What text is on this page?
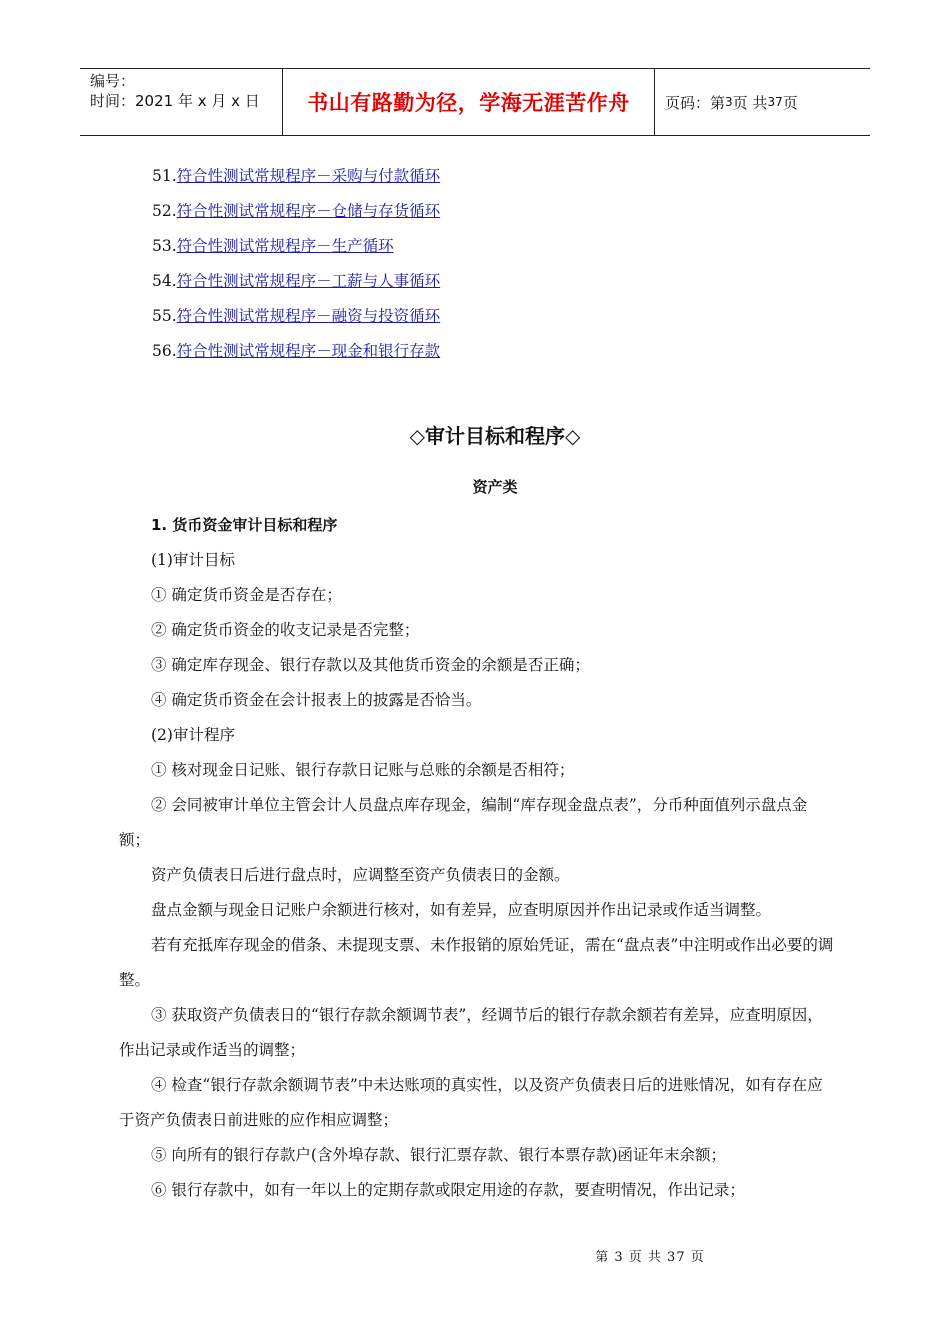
编号：
时间：2021 年 x 月 x 日	书山有路勤为径，学海无涯苦作舟	页码：第 3 页 共 37 页
51.符合性测试常规程序－采购与付款循环
52.符合性测试常规程序－仓储与存货循环
53.符合性测试常规程序－生产循环
54.符合性测试常规程序－工薪与人事循环
55.符合性测试常规程序－融资与投资循环
56.符合性测试常规程序－现金和银行存款
◇审计目标和程序◇
资产类

1. 货币资金审计目标和程序

(1)审计目标

① 确定货币资金是否存在；

② 确定货币资金的收支记录是否完整；

③ 确定库存现金、银行存款以及其他货币资金的余额是否正确；

④ 确定货币资金在会计报表上的披露是否恰当。

(2)审计程序

① 核对现金日记账、银行存款日记账与总账的余额是否相符；

② 会同被审计单位主管会计人员盘点库存现金，编制“库存现金盘点表”，分币种面值列示盘点金额；

资产负债表日后进行盘点时，应调整至资产负债表日的金额。

盘点金额与现金日记账户余额进行核对，如有差异，应查明原因并作出记录或作适当调整。

若有充抵库存现金的借条、未提现支票、未作报销的原始凭证，需在“盘点表”中注明或作出必要的调整。

③ 获取资产负债表日的“银行存款余额调节表”，经调节后的银行存款余额若有差异，应查明原因，作出记录或作适当的调整；

④ 检查“银行存款余额调节表”中未达账项的真实性，以及资产负债表日后的进账情况，如有存在应于资产负债表日前进账的应作相应调整；

⑤ 向所有的银行存款户(含外埠存款、银行汇票存款、银行本票存款)函证年末余额；

⑥ 银行存款中，如有一年以上的定期存款或限定用途的存款，要查明情况，作出记录；

第 3 页 共 37 页
